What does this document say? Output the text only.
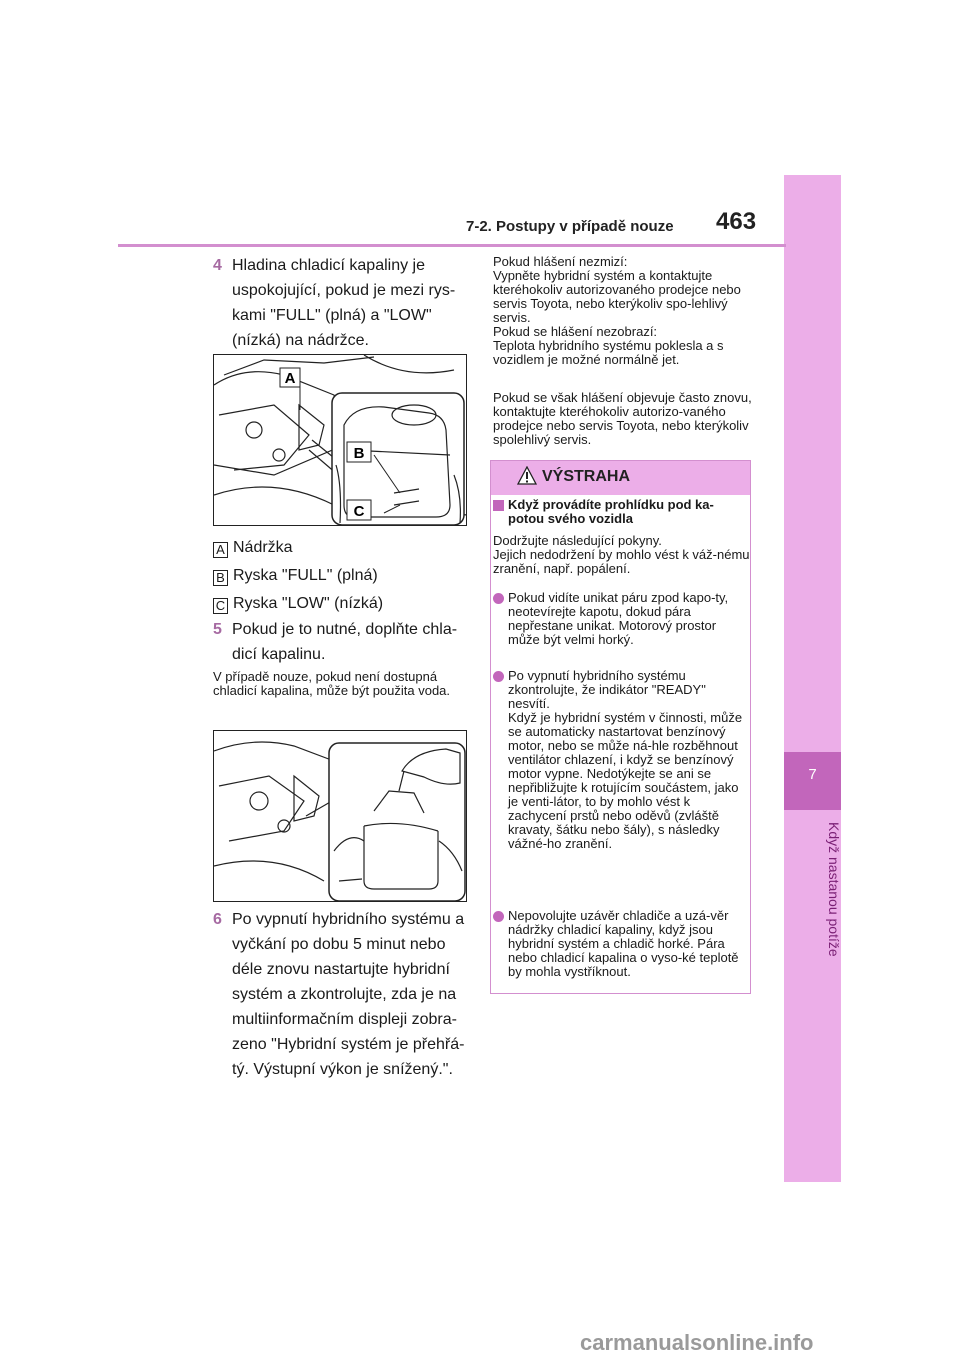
7
Když nastanou potíže
7-2. Postupy v případě nouze 463
4 Hladina chladicí kapaliny je uspokojující, pokud je mezi rys-kami "FULL" (plná) a "LOW" (nízká) na nádržce.
A
B
C
A Nádržka
B Ryska "FULL" (plná)
C Ryska "LOW" (nízká)
5 Pokud je to nutné, doplňte chla-dicí kapalinu.
V případě nouze, pokud není dostupná chladicí kapalina, může být použita voda.
6 Po vypnutí hybridního systému a vyčkání po dobu 5 minut nebo déle znovu nastartujte hybridní systém a zkontrolujte, zda je na multiinformačním displeji zobra-zeno "Hybridní systém je přehřá-tý. Výstupní výkon je snížený.".
Pokud hlášení nezmizí:
Vypněte hybridní systém a kontaktujte kteréhokoliv autorizovaného prodejce nebo servis Toyota, nebo kterýkoliv spo-lehlivý servis.
Pokud se hlášení nezobrazí:
Teplota hybridního systému poklesla a s vozidlem je možné normálně jet.
Pokud se však hlášení objevuje často znovu, kontaktujte kteréhokoliv autorizo-vaného prodejce nebo servis Toyota, nebo kterýkoliv spolehlivý servis.
VÝSTRAHA
Když provádíte prohlídku pod ka-potou svého vozidla
Dodržujte následující pokyny.
Jejich nedodržení by mohlo vést k váž-nému zranění, např. popálení.
Pokud vidíte unikat páru zpod kapo-ty, neotevírejte kapotu, dokud pára nepřestane unikat. Motorový prostor může být velmi horký.
Po vypnutí hybridního systému zkontrolujte, že indikátor "READY" nesvítí.
Když je hybridní systém v činnosti, může se automaticky nastartovat benzínový motor, nebo se může ná-hle rozběhnout ventilátor chlazení, i když se benzínový motor vypne. Nedotýkejte se ani se nepřibližujte k rotujícím součástem, jako je venti-látor, to by mohlo vést k zachycení prstů nebo oděvů (zvláště kravaty, šátku nebo šály), s následky vážné-ho zranění.
Nepovolujte uzávěr chladiče a uzá-věr nádržky chladicí kapaliny, když jsou hybridní systém a chladič horké. Pára nebo chladicí kapalina o vyso-ké teplotě by mohla vystříknout.
carmanualsonline.info
